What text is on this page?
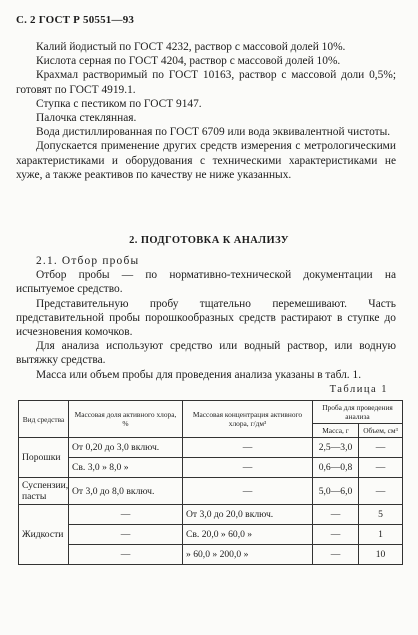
С. 2 ГОСТ Р 50551—93

Калий йодистый по ГОСТ 4232, раствор с массовой долей 10%.

Кислота серная по ГОСТ 4204, раствор с массовой долей 10%.

Крахмал растворимый по ГОСТ 10163, раствор с массовой доли 0,5%; готовят по ГОСТ 4919.1.

Ступка с пестиком по ГОСТ 9147.

Палочка стеклянная.

Вода дистиллированная по ГОСТ 6709 или вода эквивалентной чистоты.

Допускается применение других средств измерения с метрологическими характеристиками и оборудования с техническими характеристиками не хуже, а также реактивов по качеству не ниже указанных.

2. ПОДГОТОВКА К АНАЛИЗУ

2.1. Отбор пробы

Отбор пробы — по нормативно-технической документации на испытуемое средство.

Представительную пробу тщательно перемешивают. Часть представительной пробы порошкообразных средств растирают в ступке до исчезновения комочков.

Для анализа используют средство или водный раствор, или водную вытяжку средства.

Масса или объем пробы для проведения анализа указаны в табл. 1.

Таблица 1
Вид средства	Массовая доля активного хлора, %	Массовая концентрация активного хлора, г/дм³	Проба для проведения анализа	
			Масса, г	Объем, см³
Порошки	От 0,20 до 3,0 включ.	—	2,5—3,0	—
	Св. 3,0 » 8,0 »	—	0,6—0,8	—
Суспензии, пасты	От 3,0 до 8,0 включ.	—	5,0—6,0	—
Жидкости	—	От 3,0 до 20,0 включ.	—	5
	—	Св. 20,0 » 60,0 »	—	1
	—	» 60,0 » 200,0 »	—	10
